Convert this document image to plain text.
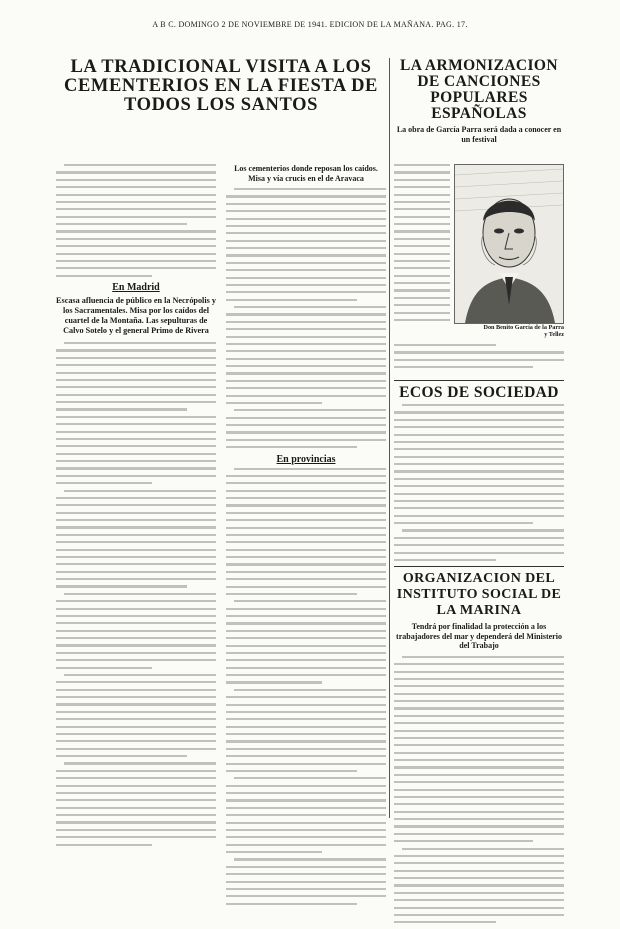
A B C. DOMINGO 2 DE NOVIEMBRE DE 1941. EDICION DE LA MAÑANA. PAG. 17.
LA TRADICIONAL VISITA A LOS CEMENTERIOS EN LA FIESTA DE TODOS LOS SANTOS
En Madrid
Escasa afluencia de público en la Necrópolis y los Sacramentales. Misa por los caídos del cuartel de la Montaña. Las sepulturas de Calvo Sotelo y el general Primo de Rivera
Los cementerios donde reposan los caídos. Misa y vía crucis en el de Aravaca
En provincias
LA ARMONIZACION DE CANCIONES POPULARES ESPAÑOLAS
La obra de García Parra será dada a conocer en un festival
Don Benito García de la Parra y Tellez
ECOS DE SOCIEDAD
ORGANIZACION DEL INSTITUTO SOCIAL DE LA MARINA
Tendrá por finalidad la protección a los trabajadores del mar y dependerá del Ministerio del Trabajo
